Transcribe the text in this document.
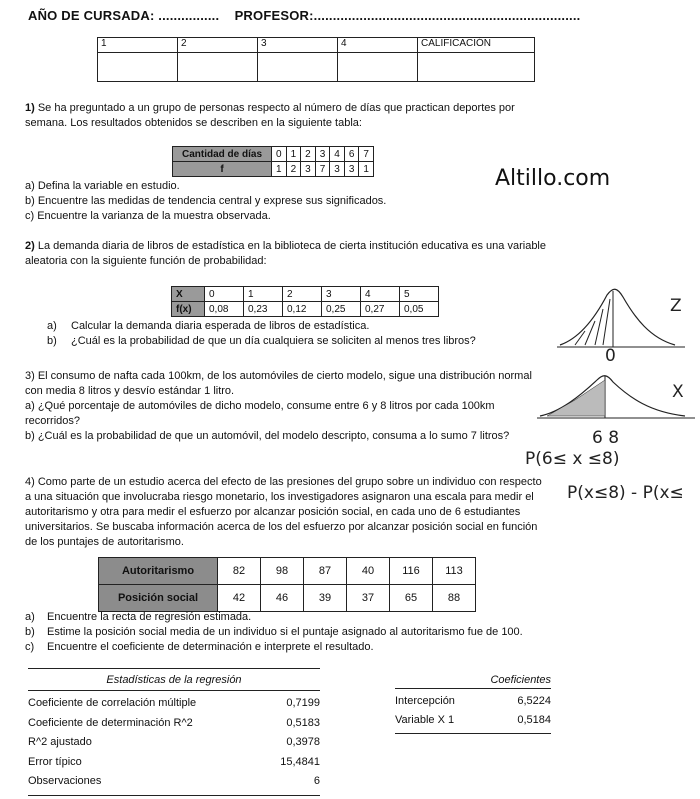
AÑO DE CURSADA: ................ PROFESOR:......................................................................
1	2	3	4	CALIFICACIÓN

1) Se ha preguntado a un grupo de personas respecto al número de días que practican deportes por
semana. Los resultados obtenidos se describen en la siguiente tabla:
Cantidad de días	0	1	2	3	4	6	7
f	1	2	3	7	3	3	1	Altillo.com
a) Defina la variable en estudio.
b) Encuentre las medidas de tendencia central y exprese sus significados.
c) Encuentre la varianza de la muestra observada.
2) La demanda diaria de libros de estadística en la biblioteca de cierta institución educativa es una variable
aleatoria con la siguiente función de probabilidad:
X	0	1	2	3	4	5
f(x)	0,08	0,23	0,12	0,25	0,27	0,05
a) Calcular la demanda diaria esperada de libros de estadística.
b) ¿Cuál es la probabilidad de que un día cualquiera se soliciten al menos tres libros?
Z
0
X
6 8
P(6≤ x ≤8)
P(x≤8) - P(x≤
3) El consumo de nafta cada 100km, de los automóviles de cierto modelo, sigue una distribución normal
con media 8 litros y desvío estándar 1 litro.
a) ¿Qué porcentaje de automóviles de dicho modelo, consume entre 6 y 8 litros por cada 100km
recorridos?
b) ¿Cuál es la probabilidad de que un automóvil, del modelo descripto, consuma a lo sumo 7 litros?
4) Como parte de un estudio acerca del efecto de las presiones del grupo sobre un individuo con respecto
a una situación que involucraba riesgo monetario, los investigadores asignaron una escala para medir el
autoritarismo y otra para medir el esfuerzo por alcanzar posición social, en cada uno de 6 estudiantes
universitarios. Se buscaba información acerca de los del esfuerzo por alcanzar posición social en función
de los puntajes de autoritarismo.
Autoritarismo	82	98	87	40	116	113
Posición social	42	46	39	37	65	88
a) Encuentre la recta de regresión estimada.
b) Estime la posición social media de un individuo si el puntaje asignado al autoritarismo fue de 100.
c) Encuentre el coeficiente de determinación e interprete el resultado.
Estadísticas de la regresión
Coeficiente de correlación múltiple	0,7199
Coeficiente de determinación R^2	0,5183
R^2 ajustado	0,3978
Error típico	15,4841
Observaciones	6
Coeficientes
Intercepción	6,5224
Variable X 1	0,5184
